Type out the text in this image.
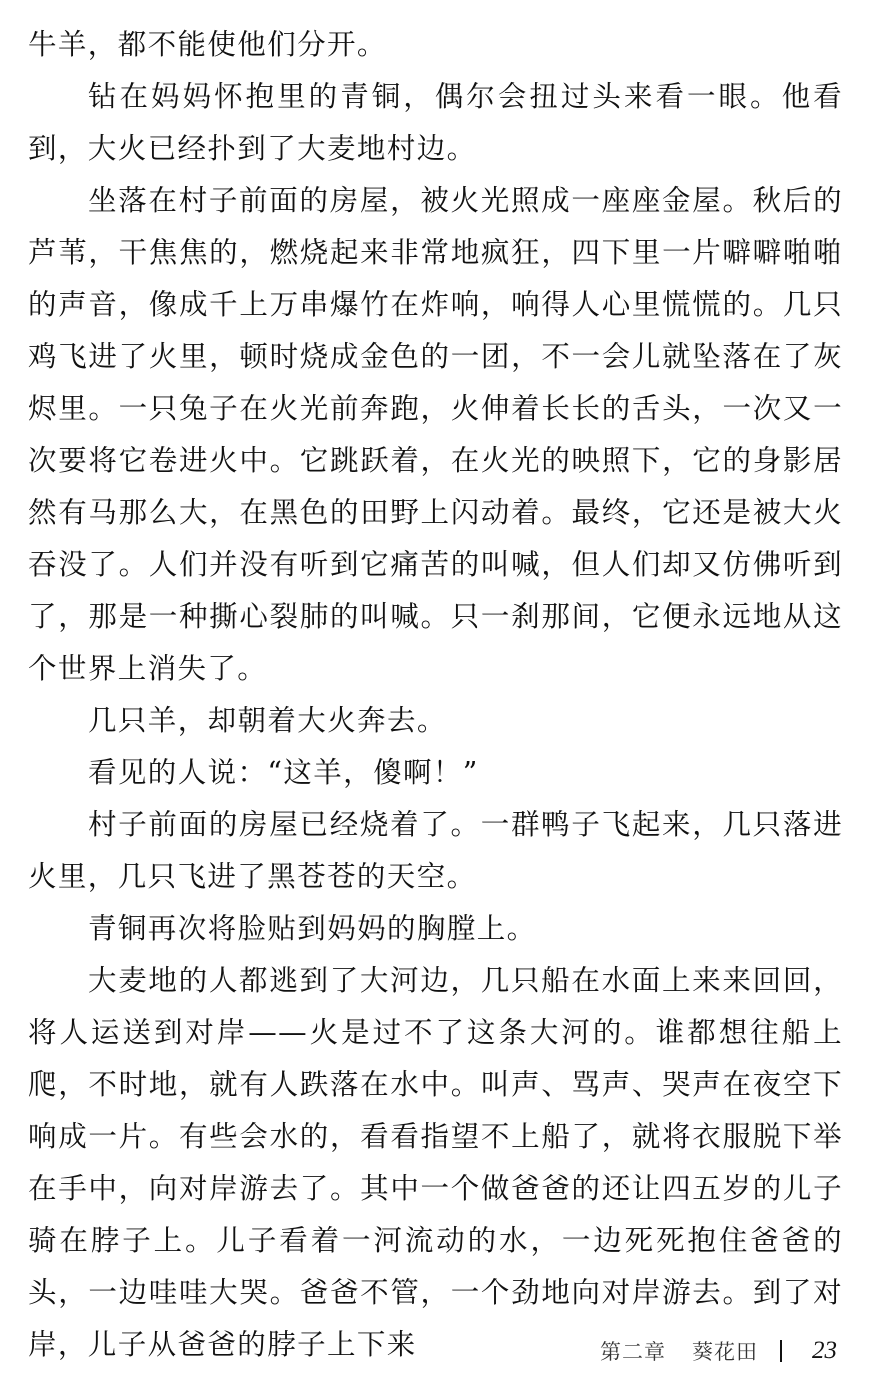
牛羊，都不能使他们分开。

钻在妈妈怀抱里的青铜，偶尔会扭过头来看一眼。他看到，大火已经扑到了大麦地村边。

坐落在村子前面的房屋，被火光照成一座座金屋。秋后的芦苇，干焦焦的，燃烧起来非常地疯狂，四下里一片噼噼啪啪的声音，像成千上万串爆竹在炸响，响得人心里慌慌的。几只鸡飞进了火里，顿时烧成金色的一团，不一会儿就坠落在了灰烬里。一只兔子在火光前奔跑，火伸着长长的舌头，一次又一次要将它卷进火中。它跳跃着，在火光的映照下，它的身影居然有马那么大，在黑色的田野上闪动着。最终，它还是被大火吞没了。人们并没有听到它痛苦的叫喊，但人们却又仿佛听到了，那是一种撕心裂肺的叫喊。只一刹那间，它便永远地从这个世界上消失了。

几只羊，却朝着大火奔去。

看见的人说：“这羊，傻啊！”

村子前面的房屋已经烧着了。一群鸭子飞起来，几只落进火里，几只飞进了黑苍苍的天空。

青铜再次将脸贴到妈妈的胸膛上。

大麦地的人都逃到了大河边，几只船在水面上来来回回，将人运送到对岸——火是过不了这条大河的。谁都想往船上爬，不时地，就有人跌落在水中。叫声、骂声、哭声在夜空下响成一片。有些会水的，看看指望不上船了，就将衣服脱下举在手中，向对岸游去了。其中一个做爸爸的还让四五岁的儿子骑在脖子上。儿子看着一河流动的水，一边死死抱住爸爸的头，一边哇哇大哭。爸爸不管，一个劲地向对岸游去。到了对岸，儿子从爸爸的脖子上下来	第二章 葵花田 23
